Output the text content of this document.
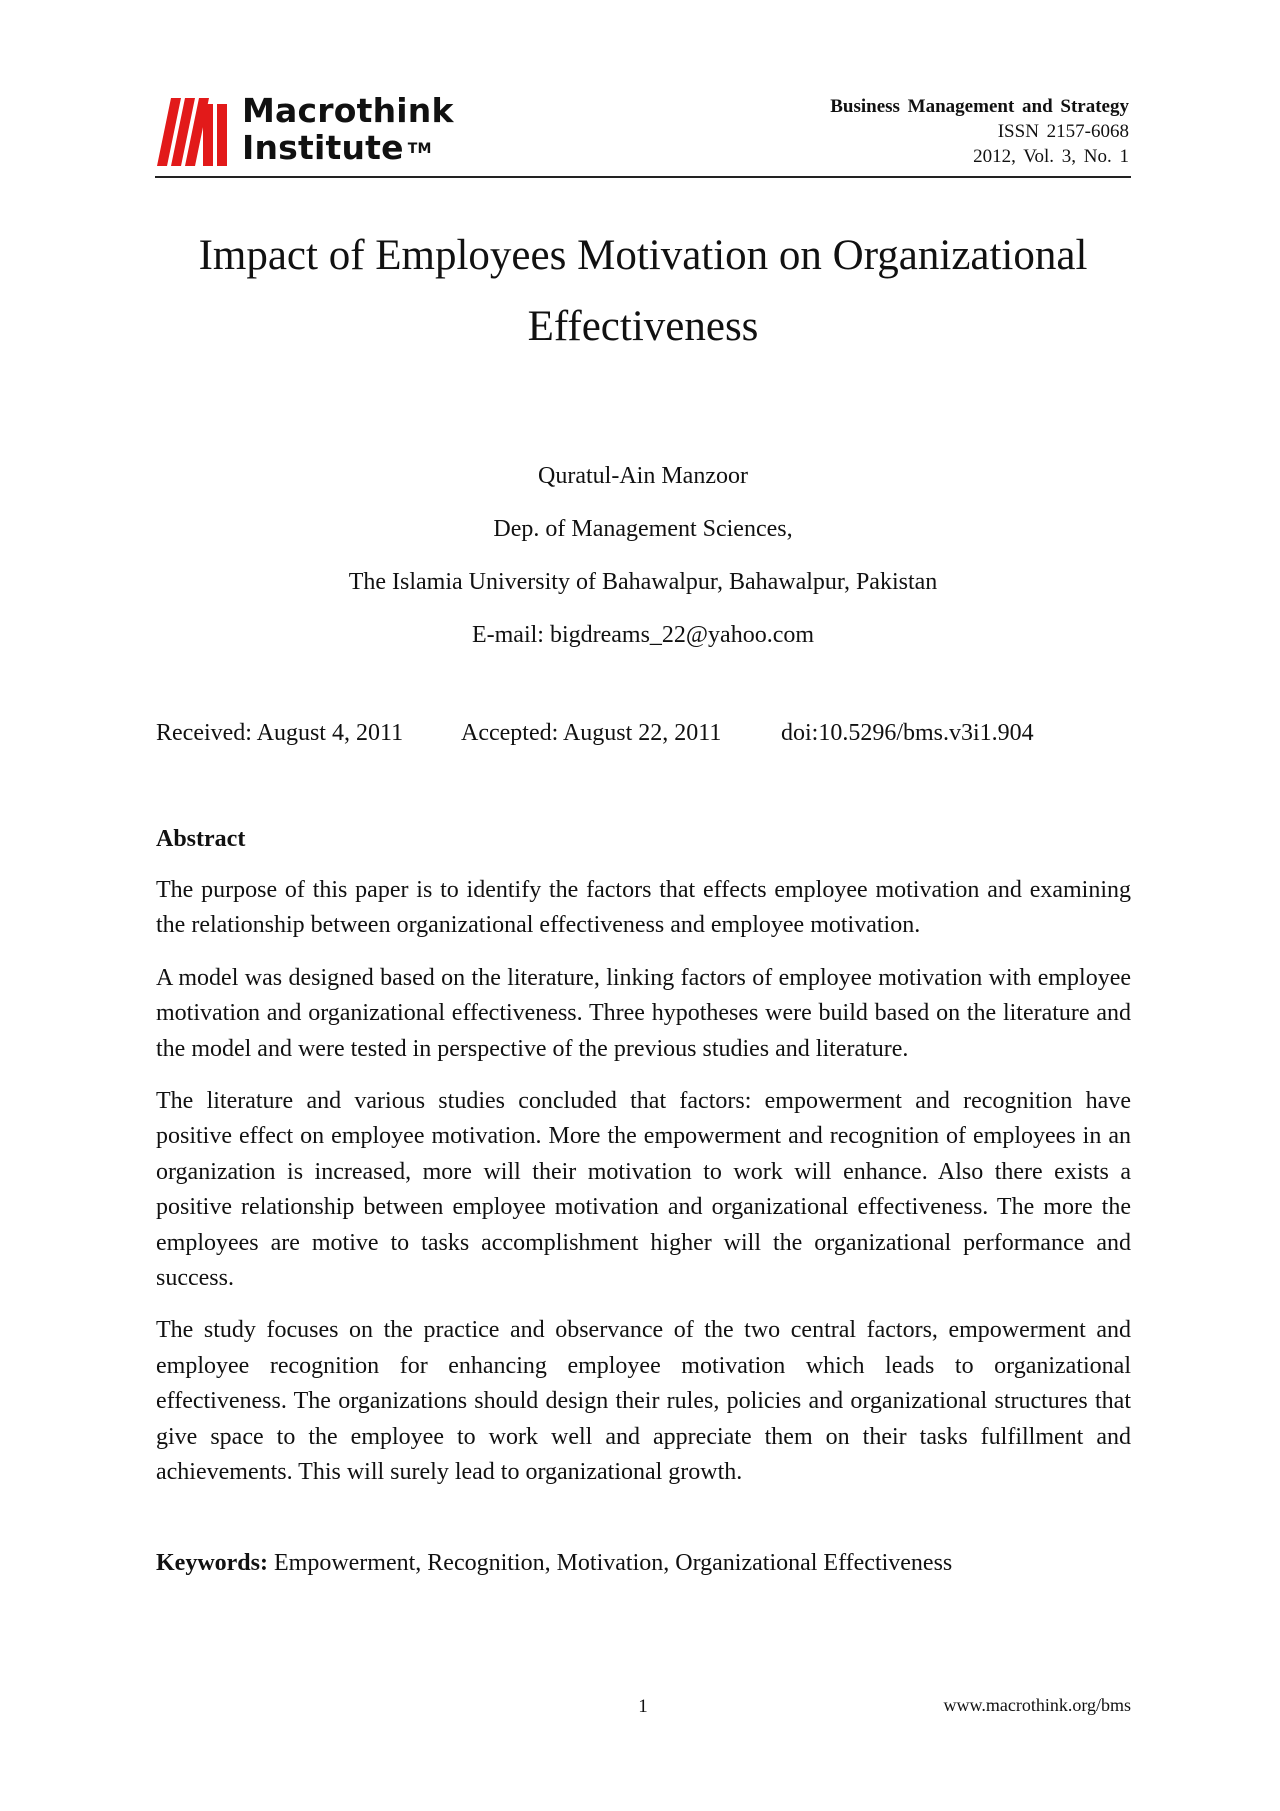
Macrothink
Institute ™
Business Management and Strategy
ISSN 2157-6068
2012, Vol. 3, No. 1
Impact of Employees Motivation on Organizational
Effectiveness
Quratul-Ain Manzoor
Dep. of Management Sciences,
The Islamia University of Bahawalpur, Bahawalpur, Pakistan
E-mail: bigdreams_22@yahoo.com
Received: August 4, 2011 Accepted: August 22, 2011 doi:10.5296/bms.v3i1.904
Abstract

The purpose of this paper is to identify the factors that effects employee motivation and examining the relationship between organizational effectiveness and employee motivation.

A model was designed based on the literature, linking factors of employee motivation with employee motivation and organizational effectiveness. Three hypotheses were build based on the literature and the model and were tested in perspective of the previous studies and literature.

The literature and various studies concluded that factors: empowerment and recognition have positive effect on employee motivation. More the empowerment and recognition of employees in an organization is increased, more will their motivation to work will enhance. Also there exists a positive relationship between employee motivation and organizational effectiveness. The more the employees are motive to tasks accomplishment higher will the organizational performance and success.

The study focuses on the practice and observance of the two central factors, empowerment and employee recognition for enhancing employee motivation which leads to organizational effectiveness. The organizations should design their rules, policies and organizational structures that give space to the employee to work well and appreciate them on their tasks fulfillment and achievements. This will surely lead to organizational growth.

Keywords: Empowerment, Recognition, Motivation, Organizational Effectiveness
1	www.macrothink.org/bms
